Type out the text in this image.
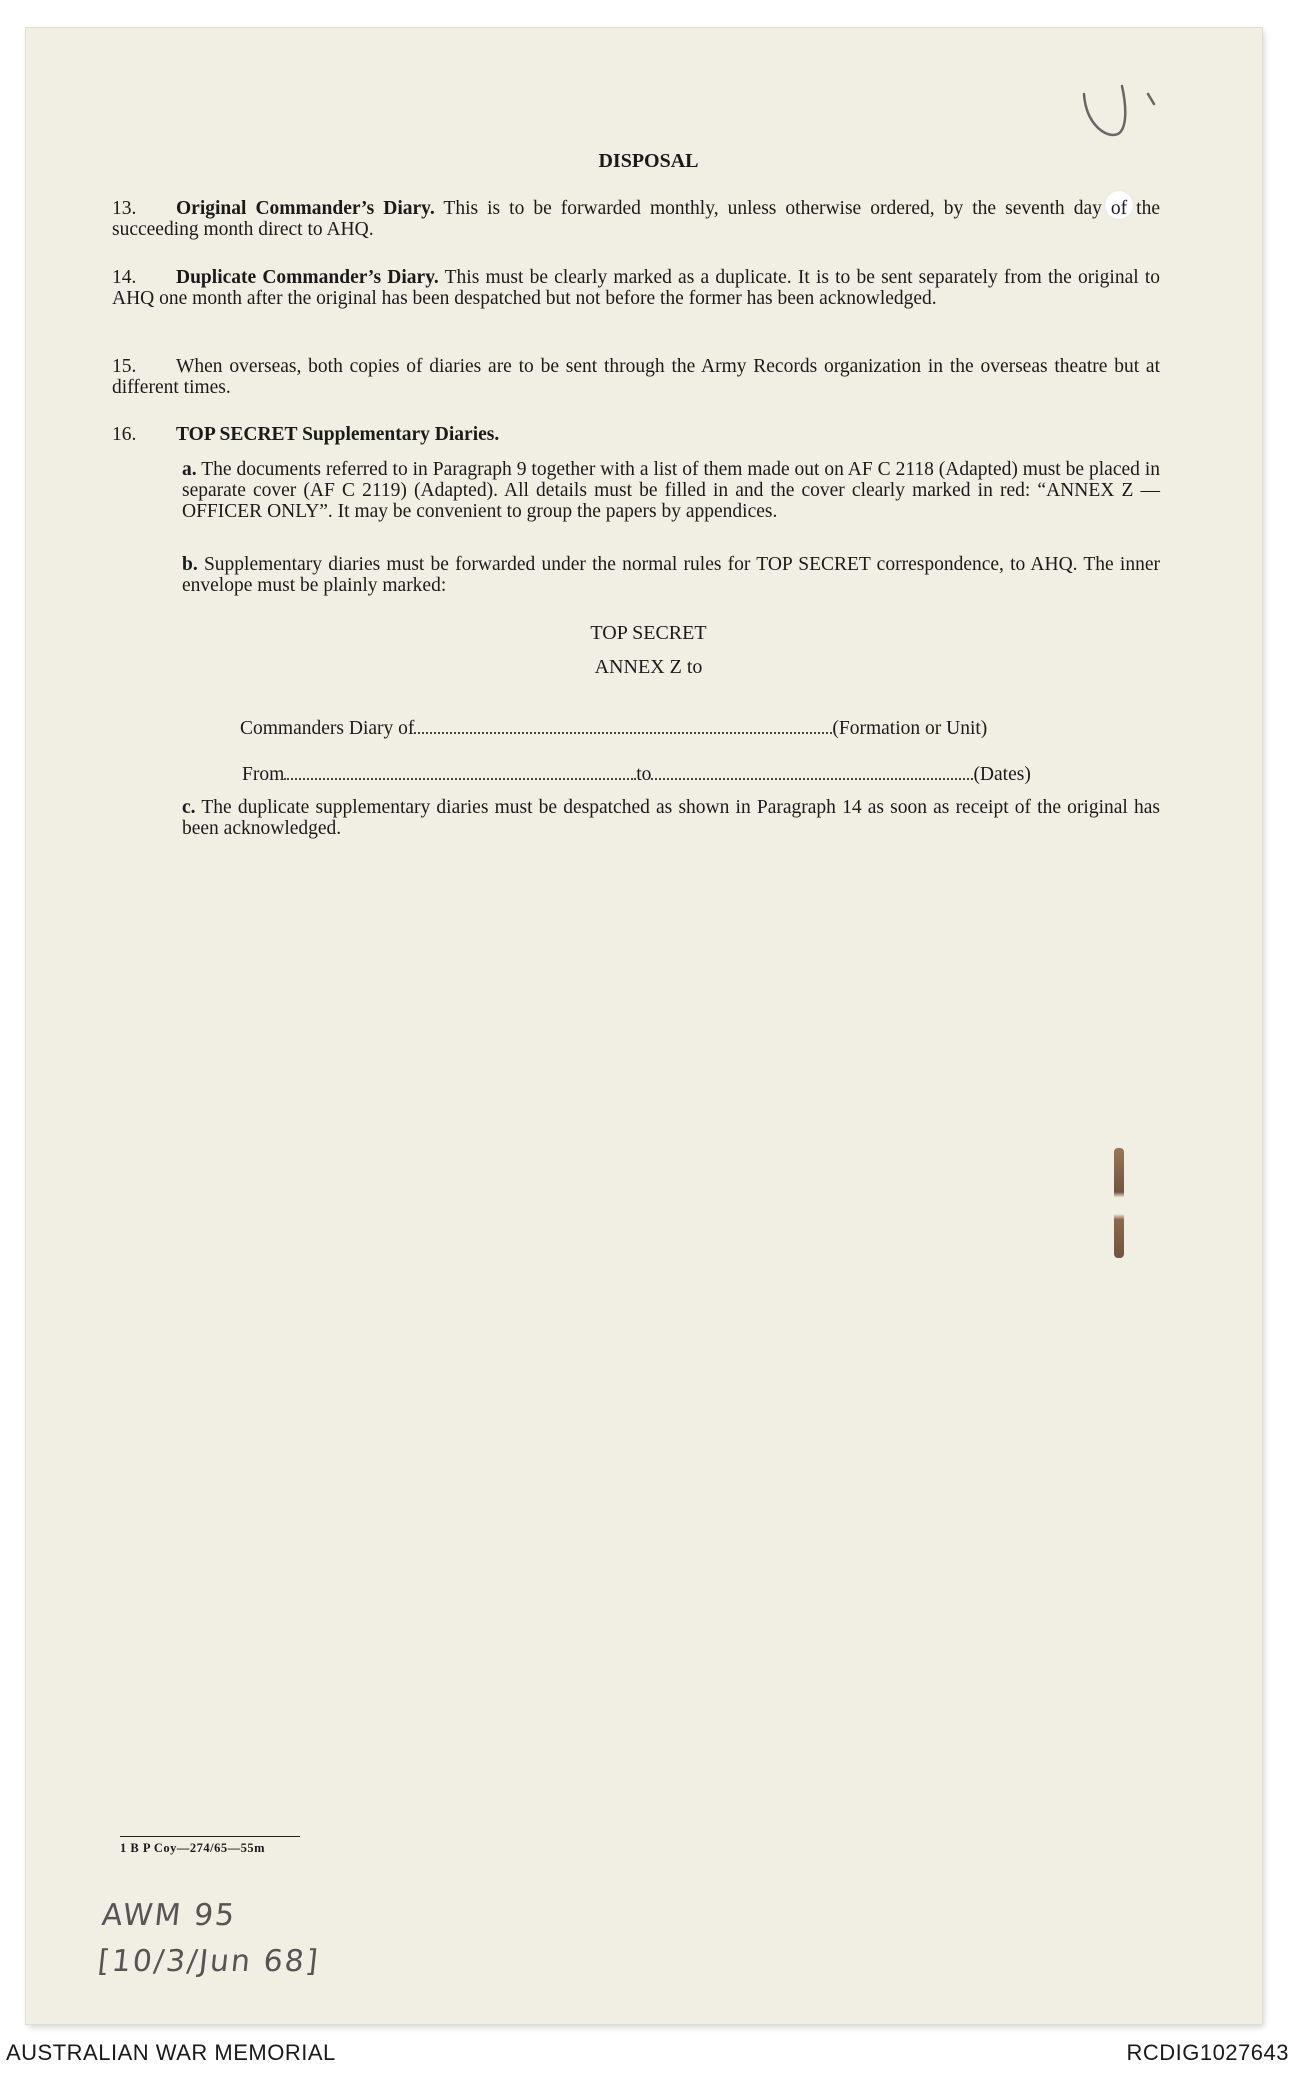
DISPOSAL

13. Original Commander’s Diary. This is to be forwarded monthly, unless otherwise ordered, by the seventh day of the succeeding month direct to AHQ.

14. Duplicate Commander’s Diary. This must be clearly marked as a duplicate. It is to be sent separately from the original to AHQ one month after the original has been despatched but not before the former has been acknowledged.

15. When overseas, both copies of diaries are to be sent through the Army Records organization in the overseas theatre but at different times.

16. TOP SECRET Supplementary Diaries.

a. The documents referred to in Paragraph 9 together with a list of them made out on AF C 2118 (Adapted) must be placed in separate cover (AF C 2119) (Adapted). All details must be filled in and the cover clearly marked in red: “ANNEX Z — OFFICER ONLY”. It may be convenient to group the papers by appendices.

b. Supplementary diaries must be forwarded under the normal rules for TOP SECRET correspondence, to AHQ. The inner envelope must be plainly marked:

TOP SECRET
ANNEX Z to
Commanders Diary of	(Formation or Unit)
From	to	(Dates)

c. The duplicate supplementary diaries must be despatched as shown in Paragraph 14 as soon as receipt of the original has been acknowledged.

1 B P Coy—274/65—55m
AWM 95
[10/3/Jun 68]
AUSTRALIAN WAR MEMORIAL	RCDIG1027643
